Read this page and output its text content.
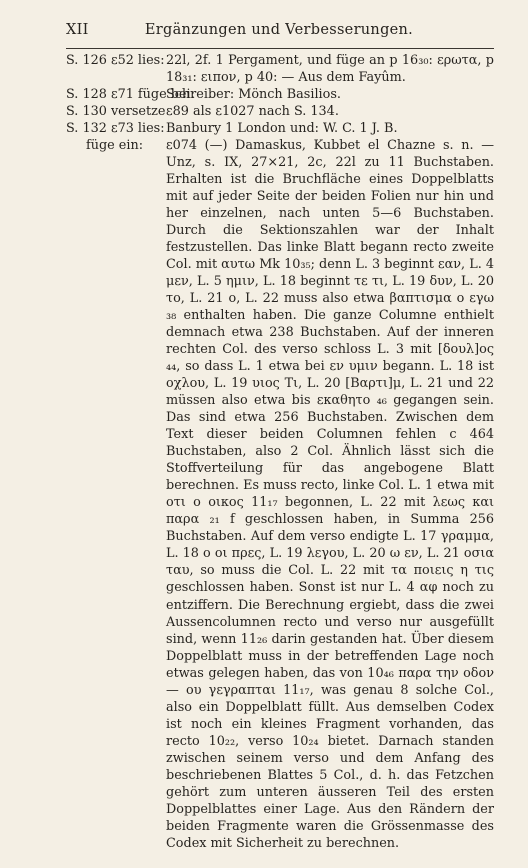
XII	Ergänzungen und Verbesserungen.
S. 126 ε52 lies: 22l, 2f. 1 Pergament, und füge an p 16₃₀: ερωτα, p 18₃₁: ειπον, p 40: — Aus dem Fayûm.
S. 128 ε71 füge bei:
Schreiber: Mönch Basilios.
S. 130 versetze ε89 als ε1027 nach S. 134.
S. 132 ε73 lies: Banbury 1 London und: W. C. 1 J. B.
füge ein:	ε074 (—) Damaskus, Kubbet el Chazne s. n. — Unz, s. IX, 27×21, 2c, 22l zu 11 Buchstaben. Erhalten ist die Bruchfläche eines Doppelblatts mit auf jeder Seite der beiden Folien nur hin und her einzelnen, nach unten 5—6 Buchstaben. Durch die Sektionszahlen war der Inhalt festzustellen. Das linke Blatt begann recto zweite Col. mit αυτω Mk 10₃₅; denn L. 3 beginnt εαν, L. 4 μεν, L. 5 ημιν, L. 18 beginnt τε τι, L. 19 δυν, L. 20 το, L. 21 ο, L. 22 muss also etwa βαπτισμα ο εγω ₃₈ enthalten haben. Die ganze Columne enthielt demnach etwa 238 Buchstaben. Auf der inneren rechten Col. des verso schloss L. 3 mit [δουλ]ος ₄₄, so dass L. 1 etwa bei εν υμιν begann. L. 18 ist οχλου, L. 19 υιος Τι, L. 20 [Βαρτι]μ, L. 21 und 22 müssen also etwa bis εκαθητο ₄₆ gegangen sein. Das sind etwa 256 Buchstaben. Zwischen dem Text dieser beiden Columnen fehlen c 464 Buchstaben, also 2 Col. Ähnlich lässt sich die Stoffverteilung für das angebogene Blatt berechnen. Es muss recto, linke Col. L. 1 etwa mit οτι ο οικος 11₁₇ begonnen, L. 22 mit λεως και παρα ₂₁ f geschlossen haben, in Summa 256 Buchstaben. Auf dem verso endigte L. 17 γραμμα, L. 18 ο οι πρες, L. 19 λεγου, L. 20 ω εν, L. 21 οσια ταυ, so muss die Col. L. 22 mit τα ποιεις η τις geschlossen haben. Sonst ist nur L. 4 αφ noch zu entziffern. Die Berechnung ergiebt, dass die zwei Aussencolumnen recto und verso nur ausgefüllt sind, wenn 11₂₆ darin gestanden hat. Über diesem Doppelblatt muss in der betreffenden Lage noch etwas gelegen haben, das von 10₄₆ παρα την οδον — ου γεγραπται 11₁₇, was genau 8 solche Col., also ein Doppelblatt füllt. Aus demselben Codex ist noch ein kleines Fragment vorhanden, das recto 10₂₂, verso 10₂₄ bietet. Darnach standen zwischen seinem verso und dem Anfang des beschriebenen Blattes 5 Col., d. h. das Fetzchen gehört zum unteren äusseren Teil des ersten Doppelblattes einer Lage. Aus den Rändern der beiden Fragmente waren die Grössenmasse des Codex mit Sicherheit zu berechnen.
